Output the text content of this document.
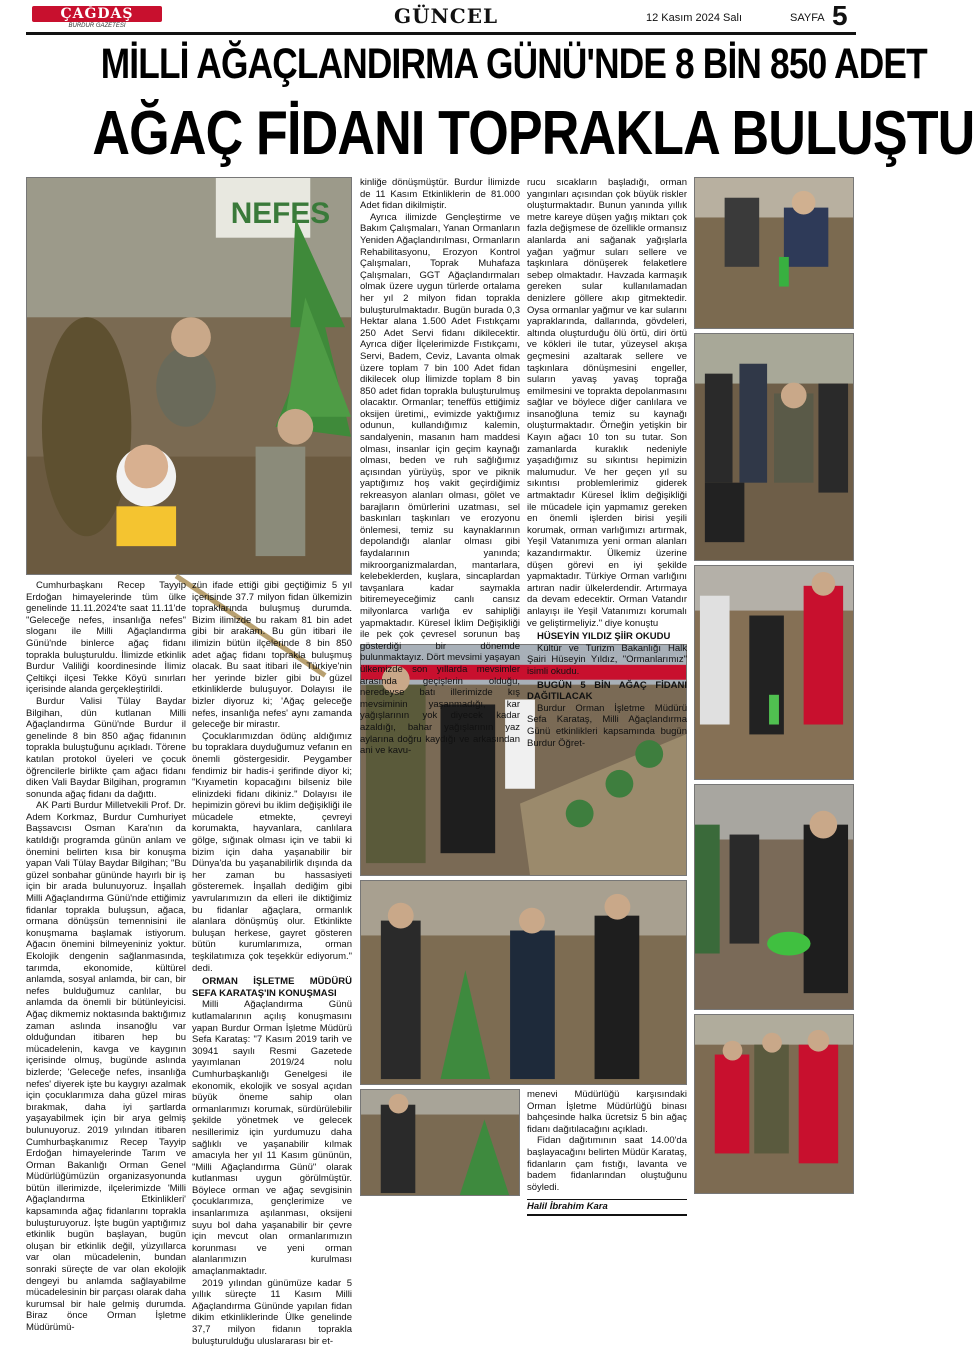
ÇAĞDAŞ
BURDUR GAZETESİ	GÜNCEL	12 Kasım 2024 Salı	SAYFA 5
MİLLİ AĞAÇLANDIRMA GÜNÜ'NDE 8 BİN 850 ADET
AĞAÇ FİDANI TOPRAKLA BULUŞTU
NEFES

Cumhurbaşkanı Recep Tayyip Erdoğan himayelerinde tüm ülke genelinde 11.11.2024'te saat 11.11'de "Geleceğe nefes, insanlığa nefes" sloganı ile Milli Ağaçlandırma Günü'nde binlerce ağaç fidanı toprakla buluşturuldu. İlimizde etkinlik Burdur Valiliği koordinesinde İlimiz Çeltikçi ilçesi Tekke Köyü sınırları içerisinde alanda gerçekleştirildi.

Burdur Valisi Tülay Baydar Bilgihan, dün kutlanan Milli Ağaçlandırma Günü'nde Burdur il genelinde 8 bin 850 ağaç fidanının toprakla buluştuğunu açıkladı. Törene katılan protokol üyeleri ve çocuk öğrencilerle birlikte çam ağacı fidanı diken Vali Baydar Bilgihan, programın sonunda ağaç fidanı da dağıttı.

AK Parti Burdur Milletvekili Prof. Dr. Adem Korkmaz, Burdur Cumhuriyet Başsavcısı Osman Kara'nın da katıldığı programda günün anlam ve önemini belirten kısa bir konuşma yapan Vali Tülay Baydar Bilgihan; "Bu güzel sonbahar gününde hayırlı bir iş için bir arada bulunuyoruz. İnşallah Milli Ağaçlandırma Günü'nde ettiğimiz fidanlar toprakla buluşsun, ağaca, ormana dönüşsün temennisini ile konuşmama başlamak istiyorum. Ağacın önemini bilmeyeniniz yoktur. Ekolojik dengenin sağlanmasında, tarımda, ekonomide, kültürel anlamda, sosyal anlamda, bir can, bir nefes bulduğumuz canlılar, bu anlamda da önemli bir bütünleyicisi. Ağaç dikmemiz noktasında baktığımız zaman aslında insanoğlu var olduğundan itibaren hep bu mücadelenin, kavga ve kaygının içerisinde olmuş, bugünde aslında bizlerde; 'Geleceğe nefes, insanlığa nefes' diyerek işte bu kaygıyı azalmak için çocuklarımıza daha güzel miras bırakmak, daha iyi şartlarda yaşayabilmek için bir arya gelmiş bulunuyoruz. 2019 yılından itibaren Cumhurbaşkanımız Recep Tayyip Erdoğan himayelerinde Tarım ve Orman Bakanlığı Orman Genel Müdürlüğümüzün organizasyonunda bütün illerimizde, ilçelerimizde 'Milli Ağaçlandırma Etkinlikleri' kapsamında ağaç fidanlarını toprakla buluşturuyoruz. İşte bugün yaptığımız etkinlik bugün başlayan, bugün oluşan bir etkinlik değil, yüzyıllarca var olan mücadelenin, bundan sonraki süreçte de var olan ekolojik dengeyi bu anlamda sağlayabilme mücadelesinin bir parçası olarak daha kurumsal bir hale gelmiş durumda. Biraz önce Orman İşletme Müdürümü-

kinliğe dönüşmüştür. Burdur İlimizde de 11 Kasım Etkinliklerin de 81.000 Adet fidan dikilmiştir.

Ayrıca ilimizde Gençleştirme ve Bakım Çalışmaları, Yanan Ormanların Yeniden Ağaçlandırılması, Ormanların Rehabilitasyonu, Erozyon Kontrol Çalışmaları, Toprak Muhafaza Çalışmaları, GGT Ağaçlandırmaları olmak üzere uygun türlerde ortalama her yıl 2 milyon fidan toprakla buluşturulmaktadır. Bugün burada 0,3 Hektar alana 1.500 Adet Fıstıkçamı 250 Adet Servi fidanı dikilecektir. Ayrıca diğer İlçelerimizde Fıstıkçamı, Servi, Badem, Ceviz, Lavanta olmak üzere toplam 7 bin 100 Adet fidan dikilecek olup İlimizde toplam 8 bin 850 adet fidan toprakla buluşturulmuş olacaktır. Ormanlar; teneffüs ettiğimiz oksijen üretimi,, evimizde yaktığımız odunun, kullandığımız kalemin, sandalyenin, masanın ham maddesi olması, insanlar için geçim kaynağı olması, beden ve ruh sağlığımız açısından yürüyüş, spor ve piknik yaptığımız hoş vakit geçirdiğimiz rekreasyon alanları olması, gölet ve barajların ömürlerini uzatması, sel baskınları taşkınları ve erozyonu önlemesi, temiz su kaynaklarının depolandığı alanlar olması gibi faydalarının yanında; mikroorganizmalardan, mantarlara, kelebeklerden, kuşlara, sincaplardan tavşanlara kadar saymakla bitiremeyeceğimiz canlı cansız milyonlarca varlığa ev sahipliği yapmaktadır. Küresel İklim Değişikliği ile pek çok çevresel sorunun baş gösterdiği bir dönemde bulunmaktayız. Dört mevsimi yaşayan ülkemizde son yıllarda mevsimler arasında geçişlerin olduğu, neredeyse batı illerimizde kış mevsiminin yaşanmadığı, kar yağışlarının yok diyecek kadar azaldığı, bahar yağışlarının yaz aylarına doğru kaydığı ve arkasından ani ve kavu-

rucu sıcakların başladığı, orman yangınları açısından çok büyük riskler oluşturmaktadır. Bunun yanında yıllık metre kareye düşen yağış miktarı çok fazla değişmese de özellikle ormansız alanlarda ani sağanak yağışlarla yağan yağmur suları sellere ve taşkınlara dönüşerek felaketlere sebep olmaktadır. Havzada karmaşık gereken sular kullanılamadan denizlere göllere akıp gitmektedir. Oysa ormanlar yağmur ve kar sularını yapraklarında, dallarında, gövdeleri, altında oluşturduğu ölü örtü, diri örtü ve kökleri ile tutar, yüzeysel akışa geçmesini azaltarak sellere ve taşkınlara dönüşmesini engeller, suların yavaş yavaş toprağa emilmesini ve toprakta depolanmasını sağlar ve böylece diğer canlılara ve insanoğluna temiz su kaynağı oluşturmaktadır. Örneğin yetişkin bir Kayın ağacı 10 ton su tutar. Son zamanlarda kuraklık nedeniyle yaşadığımız su sıkıntısı hepimizin malumudur. Ve her geçen yıl su sıkıntısı problemlerimiz giderek artmaktadır Küresel İklim değişikliği ile mücadele için yapmamız gereken en önemli işlerden birisi yeşili korumak, orman varlığımızı artırmak, Yeşil Vatanımıza yeni orman alanları kazandırmaktır. Ülkemiz üzerine düşen görevi en iyi şekilde yapmaktadır. Türkiye Orman varlığını artıran nadir ülkelerdendir. Artırmaya da devam edecektir. Orman Vatandır anlayışı ile Yeşil Vatanımızı korumalı ve geliştirmeliyiz." diye konuştu

HÜSEYİN YILDIZ ŞİİR OKUDU

Kültür ve Turizm Bakanlığı Halk Şairi Hüseyin Yıldız, "Ormanlarımız" isimli okudu.

BUGÜN 5 BİN AĞAÇ FİDANI DAĞITILACAK

Burdur Orman İşletme Müdürü Sefa Karataş, Milli Ağaçlandırma Günü etkinlikleri kapsamında bugün Burdur Öğret-

menevi Müdürlüğü karşısındaki Orman İşletme Müdürlüğü binası bahçesinde halka ücretsiz 5 bin ağaç fidanı dağıtılacağını açıkladı.

Fidan dağıtımının saat 14.00'da başlayacağını belirten Müdür Karataş, fidanların çam fıstığı, lavanta ve badem fidanlarından oluştuğunu söyledi.

Halil İbrahim Kara

zün ifade ettiği gibi geçtiğimiz 5 yıl içerisinde 37.7 milyon fidan ülkemizin topraklarında buluşmuş durumda. Bizim ilimizde bu rakam 81 bin adet gibi bir arakam. Bu gün itibari ile ilimizin bütün ilçelerinde 8 bin 850 adet ağaç fidanı toprakla buluşmuş olacak. Bu saat itibari ile Türkiye'nin her yerinde bizler gibi bu güzel etkinliklerde buluşuyor. Dolayısı ile bizler diyoruz ki; 'Ağaç geleceğe nefes, insanlığa nefes' aynı zamanda geleceğe bir mirastır.

Çocuklarımızdan ödünç aldığımız bu topraklara duyduğumuz vefanın en önemli göstergesidir. Peygamber fendimiz bir hadis-i şerifinde diyor ki; "Kıyametin kopacağını bilseniz bile elinizdeki fidanı dikiniz." Dolayısı ile hepimizin görevi bu iklim değişikliği ile mücadele etmekte, çevreyi korumakta, hayvanlara, canlılara gölge, sığınak olması için ve tabii ki bizim için daha yaşanabilir bir Dünya'da bu yaşanabilirlik dışında da her zaman bu hassasiyeti gösteremek. İnşallah dediğim gibi yavrularımızın da elleri ile diktiğimiz bu fidanlar ağaçlara, ormanlık alanlara dönüşmüş olur. Etkinlikte buluşan herkese, gayret gösteren bütün kurumlarımıza, orman teşkilatımıza çok teşekkür ediyorum." dedi.

ORMAN İŞLETME MÜDÜRÜ SEFA KARATAŞ'IN KONUŞMASI

Milli Ağaçlandırma Günü kutlamalarının açılış konuşmasını yapan Burdur Orman İşletme Müdürü Sefa Karataş: "7 Kasım 2019 tarih ve 30941 sayılı Resmi Gazetede yayımlanan 2019/24 nolu Cumhurbaşkanlığı Genelgesi ile ekonomik, ekolojik ve sosyal açıdan büyük öneme sahip olan ormanlarımızı korumak, sürdürülebilir şekilde yönetmek ve gelecek nesillerimiz için yurdumuzu daha sağlıklı ve yaşanabilir kılmak amacıyla her yıl 11 Kasım gününün, "Milli Ağaçlandırma Günü" olarak kutlanması uygun görülmüştür. Böylece orman ve ağaç sevgisinin çocuklarımıza, gençlerimize ve insanlarımıza aşılanması, oksijeni suyu bol daha yaşanabilir bir çevre için mevcut olan ormanlarımızın korunması ve yeni orman alanlarımızın kurulması amaçlanmaktadır.

2019 yılından günümüze kadar 5 yıllık süreçte 11 Kasım Milli Ağaçlandırma Gününde yapılan fidan dikim etkinliklerinde Ülke genelinde 37,7 milyon fidanın toprakla buluşturulduğu uluslararası bir et-
